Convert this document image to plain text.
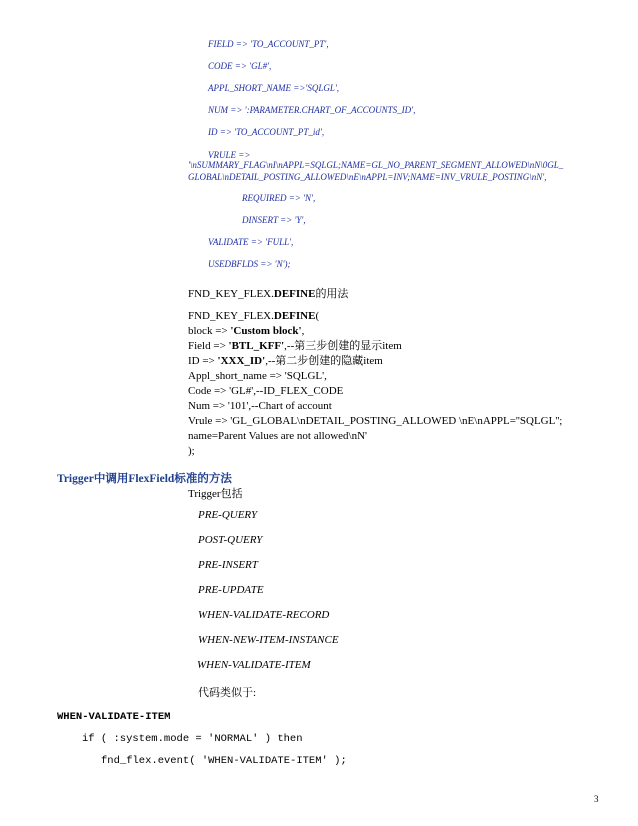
FIELD => 'TO_ACCOUNT_PT',
CODE => 'GL#',
APPL_SHORT_NAME =>'SQLGL',
NUM => ':PARAMETER.CHART_OF_ACCOUNTS_ID',
ID => 'TO_ACCOUNT_PT_id',
VRULE =>
'\nSUMMARY_FLAG\nI\nAPPL=SQLGL;NAME=GL_NO_PARENT_SEGMENT_ALLOWED\nN\0GL_
GLOBAL\nDETAIL_POSTING_ALLOWED\nE\nAPPL=INV;NAME=INV_VRULE_POSTING\nN',
REQUIRED => 'N',
DINSERT => 'Y',
VALIDATE => 'FULL',
USEDBFLDS => 'N');
FND_KEY_FLEX.DEFINE的用法
FND_KEY_FLEX.DEFINE(
block => 'Custom block',
Field => 'BTL_KFF',--第三步创建的显示item
ID => 'XXX_ID',--第二步创建的隐藏item
Appl_short_name => 'SQLGL',
Code => 'GL#',--ID_FLEX_CODE
Num => '101',--Chart of account
Vrule => 'GL_GLOBAL\nDETAIL_POSTING_ALLOWED \nE\nAPPL=''SQLGL'';
name=Parent Values are not allowed\nN'
);
Trigger中调用FlexField标准的方法
Trigger包括
PRE-QUERY
POST-QUERY
PRE-INSERT
PRE-UPDATE
WHEN-VALIDATE-RECORD
WHEN-NEW-ITEM-INSTANCE
WHEN-VALIDATE-ITEM
代码类似于:
WHEN-VALIDATE-ITEM
if ( :system.mode = 'NORMAL' ) then
fnd_flex.event( 'WHEN-VALIDATE-ITEM' );
3
